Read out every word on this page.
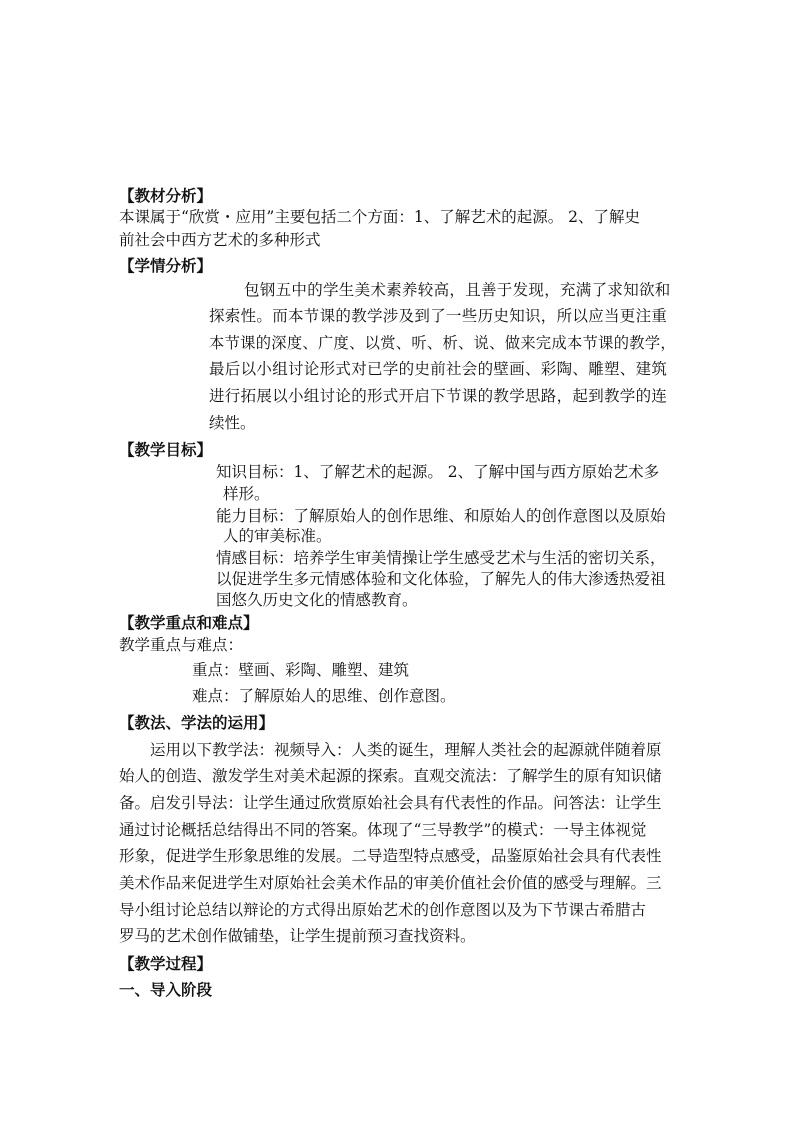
【教材分析】
本课属于“欣赏・应用”主要包括二个方面：1、了解艺术的起源。 2、了解史
前社会中西方艺术的多种形式
【学情分析】
包钢五中的学生美术素养较高，且善于发现，充满了求知欲和
探索性。而本节课的教学涉及到了一些历史知识，所以应当更注重
本节课的深度、广度、以赏、听、析、说、做来完成本节课的教学，
最后以小组讨论形式对已学的史前社会的壁画、彩陶、雕塑、建筑
进行拓展以小组讨论的形式开启下节课的教学思路，起到教学的连
续性。
【教学目标】
知识目标：1、了解艺术的起源。 2、了解中国与西方原始艺术多
样形。
能力目标：了解原始人的创作思维、和原始人的创作意图以及原始
人的审美标准。
情感目标：培养学生审美情操让学生感受艺术与生活的密切关系，
以促进学生多元情感体验和文化体验，了解先人的伟大渗透热爱祖
国悠久历史文化的情感教育。
【教学重点和难点】
教学重点与难点：
重点：壁画、彩陶、雕塑、建筑
难点：了解原始人的思维、创作意图。
【教法、学法的运用】
运用以下教学法：视频导入：人类的诞生，理解人类社会的起源就伴随着原
始人的创造、激发学生对美术起源的探索。直观交流法：了解学生的原有知识储
备。启发引导法：让学生通过欣赏原始社会具有代表性的作品。问答法：让学生
通过讨论概括总结得出不同的答案。体现了“三导教学”的模式：一导主体视觉
形象，促进学生形象思维的发展。二导造型特点感受，品鉴原始社会具有代表性
美术作品来促进学生对原始社会美术作品的审美价值社会价值的感受与理解。三
导小组讨论总结以辩论的方式得出原始艺术的创作意图以及为下节课古希腊古
罗马的艺术创作做铺垫，让学生提前预习查找资料。
【教学过程】
一、导入阶段
